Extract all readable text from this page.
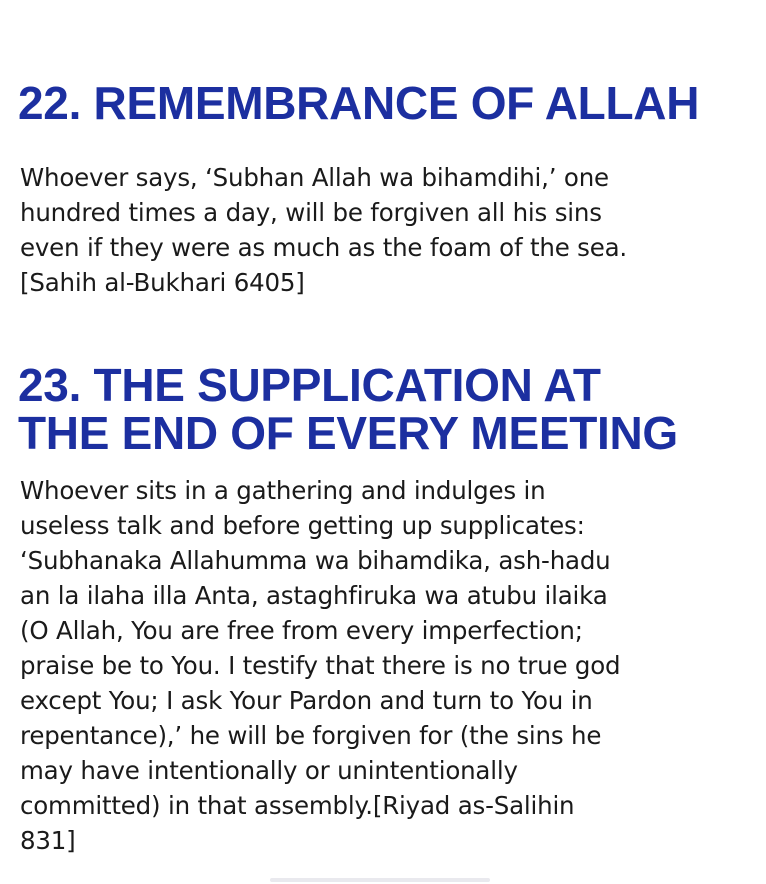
22. REMEMBRANCE OF ALLAH

Whoever says, ‘Subhan Allah wa bihamdihi,’ one
hundred times a day, will be forgiven all his sins
even if they were as much as the foam of the sea.
[Sahih al-Bukhari 6405]

23. THE SUPPLICATION AT
THE END OF EVERY MEETING

Whoever sits in a gathering and indulges in
useless talk and before getting up supplicates:
‘Subhanaka Allahumma wa bihamdika, ash-hadu
an la ilaha illa Anta, astaghfiruka wa atubu ilaika
(O Allah, You are free from every imperfection;
praise be to You. I testify that there is no true god
except You; I ask Your Pardon and turn to You in
repentance),’ he will be forgiven for (the sins he
may have intentionally or unintentionally
committed) in that assembly.[Riyad as-Salihin
831]
